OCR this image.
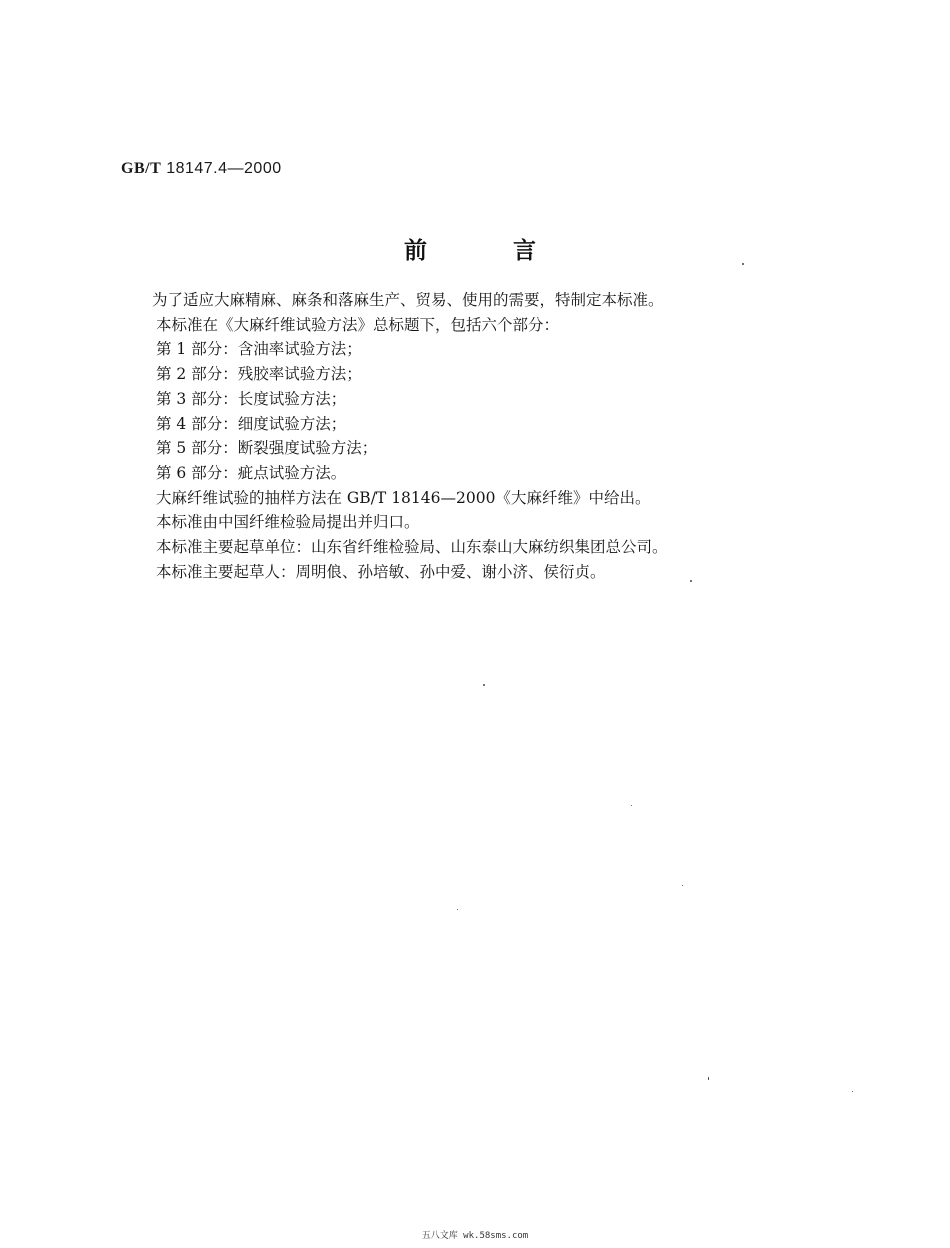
GB/T 18147.4—2000
前言

为了适应大麻精麻、麻条和落麻生产、贸易、使用的需要，特制定本标准。

本标准在《大麻纤维试验方法》总标题下，包括六个部分：

第 1 部分：含油率试验方法；

第 2 部分：残胶率试验方法；

第 3 部分：长度试验方法；

第 4 部分：细度试验方法；

第 5 部分：断裂强度试验方法；

第 6 部分：疵点试验方法。

大麻纤维试验的抽样方法在 GB/T 18146—2000《大麻纤维》中给出。

本标准由中国纤维检验局提出并归口。

本标准主要起草单位：山东省纤维检验局、山东泰山大麻纺织集团总公司。

本标准主要起草人：周明俍、孙培敏、孙中爱、谢小济、侯衍贞。

五八文库 wk.58sms.com
